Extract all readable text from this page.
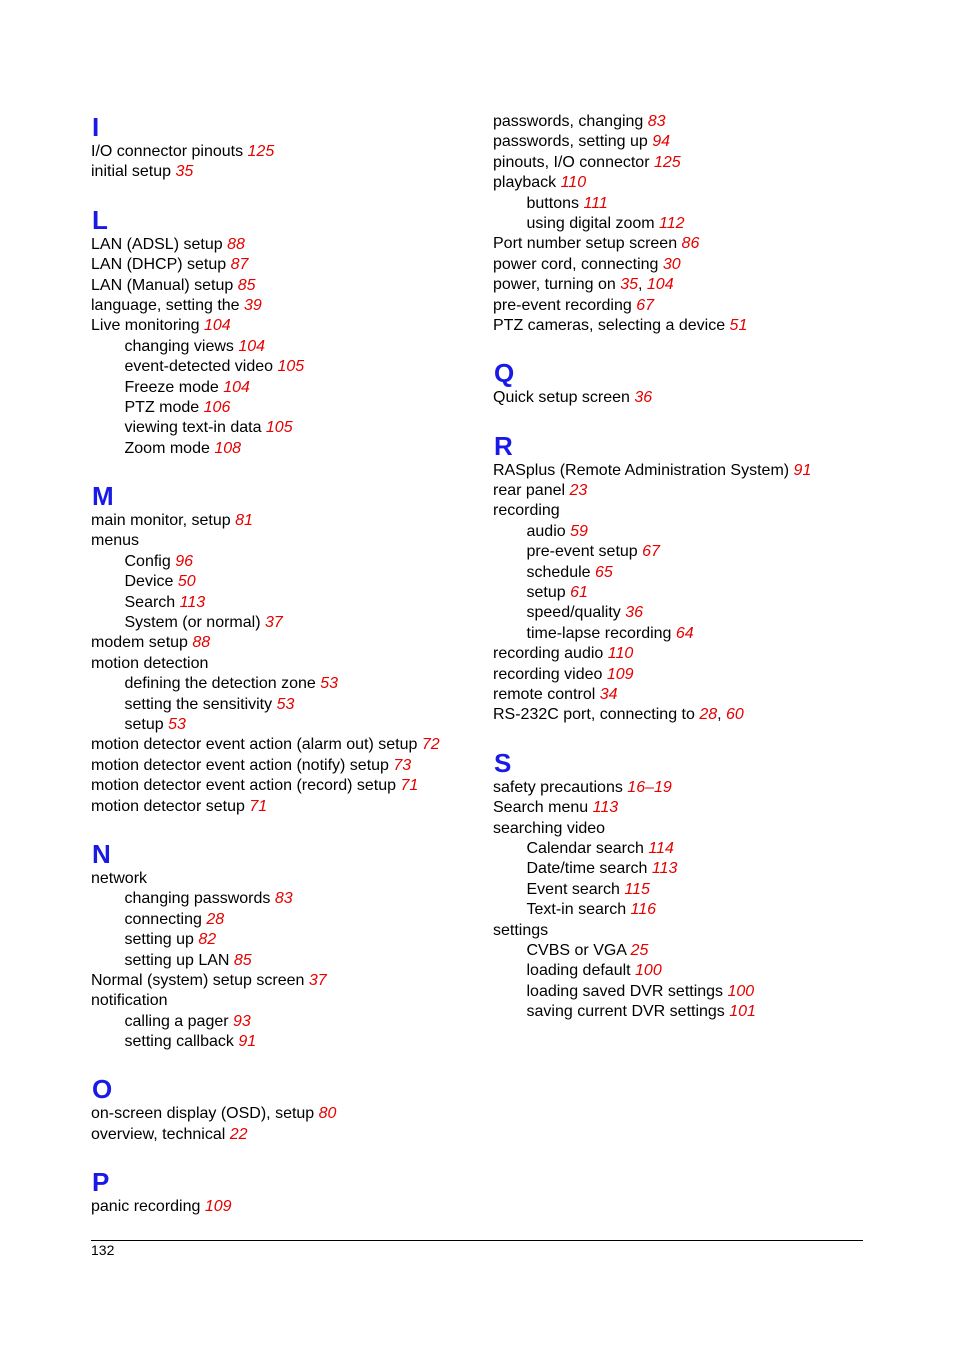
I
I/O connector pinouts 125
initial setup 35
L
LAN (ADSL) setup 88
LAN (DHCP) setup 87
LAN (Manual) setup 85
language, setting the 39
Live monitoring 104
changing views 104
event-detected video 105
Freeze mode 104
PTZ mode 106
viewing text-in data 105
Zoom mode 108
M
main monitor, setup 81
menus
Config 96
Device 50
Search 113
System (or normal) 37
modem setup 88
motion detection
defining the detection zone 53
setting the sensitivity 53
setup 53
motion detector event action (alarm out) setup 72
motion detector event action (notify) setup 73
motion detector event action (record) setup 71
motion detector setup 71
N
network
changing passwords 83
connecting 28
setting up 82
setting up LAN 85
Normal (system) setup screen 37
notification
calling a pager 93
setting callback 91
O
on-screen display (OSD), setup 80
overview, technical 22
P
panic recording 109
passwords, changing 83
passwords, setting up 94
pinouts, I/O connector 125
playback 110
buttons 111
using digital zoom 112
Port number setup screen 86
power cord, connecting 30
power, turning on 35, 104
pre-event recording 67
PTZ cameras, selecting a device 51
Q
Quick setup screen 36
R
RASplus (Remote Administration System) 91
rear panel 23
recording
audio 59
pre-event setup 67
schedule 65
setup 61
speed/quality 36
time-lapse recording 64
recording audio 110
recording video 109
remote control 34
RS-232C port, connecting to 28, 60
S
safety precautions 16–19
Search menu 113
searching video
Calendar search 114
Date/time search 113
Event search 115
Text-in search 116
settings
CVBS or VGA 25
loading default 100
loading saved DVR settings 100
saving current DVR settings 101
132
